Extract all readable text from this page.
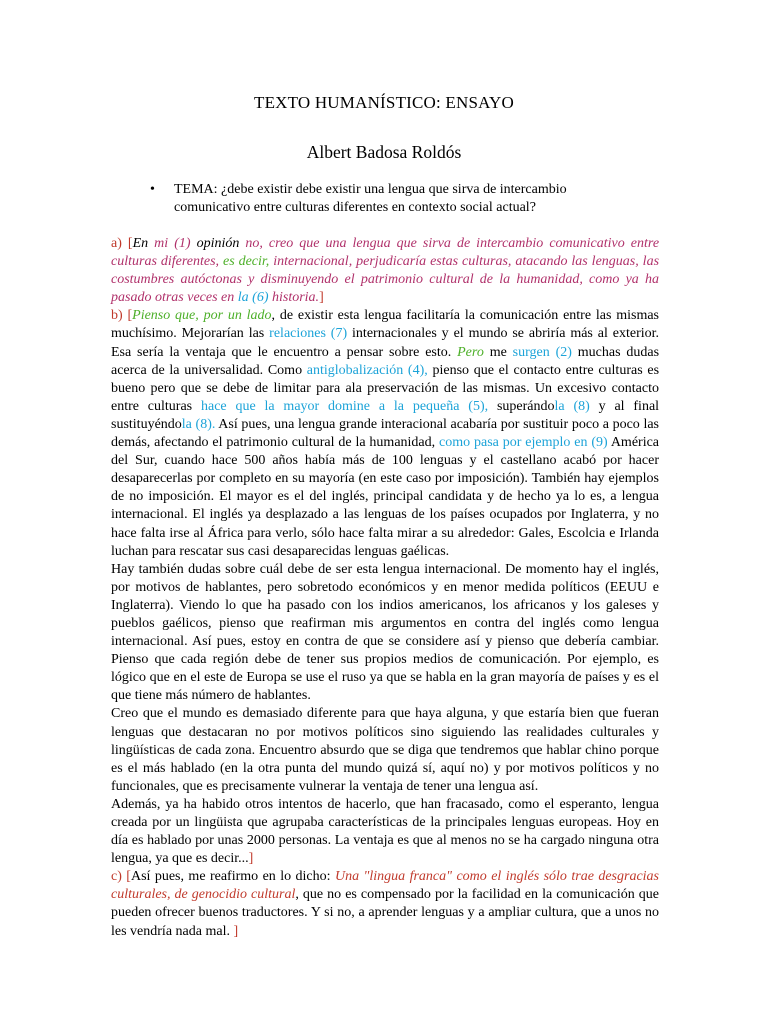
TEXTO HUMANÍSTICO: ENSAYO
Albert Badosa Roldós
• TEMA: ¿debe existir debe existir una lengua que sirva de intercambio
comunicativo entre culturas diferentes en contexto social actual?

a) [En mi (1) opinión no, creo que una lengua que sirva de intercambio comunicativo entre culturas diferentes, es decir, internacional, perjudicaría estas culturas, atacando las lenguas, las costumbres autóctonas y disminuyendo el patrimonio cultural de la humanidad, como ya ha pasado otras veces en la (6) historia.]

b) [Pienso que, por un lado, de existir esta lengua facilitaría la comunicación entre las mismas muchísimo. Mejorarían las relaciones (7) internacionales y el mundo se abriría más al exterior. Esa sería la ventaja que le encuentro a pensar sobre esto. Pero me surgen (2) muchas dudas acerca de la universalidad. Como antiglobalización (4), pienso que el contacto entre culturas es bueno pero que se debe de limitar para ala preservación de las mismas. Un excesivo contacto entre culturas hace que la mayor domine a la pequeña (5), superándola (8) y al final sustituyéndola (8). Así pues, una lengua grande interacional acabaría por sustituir poco a poco las demás, afectando el patrimonio cultural de la humanidad, como pasa por ejemplo en (9) América del Sur, cuando hace 500 años había más de 100 lenguas y el castellano acabó por hacer desaparecerlas por completo en su mayoría (en este caso por imposición). También hay ejemplos de no imposición. El mayor es el del inglés, principal candidata y de hecho ya lo es, a lengua internacional. El inglés ya desplazado a las lenguas de los países ocupados por Inglaterra, y no hace falta irse al África para verlo, sólo hace falta mirar a su alrededor: Gales, Escolcia e Irlanda luchan para rescatar sus casi desaparecidas lenguas gaélicas.

Hay también dudas sobre cuál debe de ser esta lengua internacional. De momento hay el inglés, por motivos de hablantes, pero sobretodo económicos y en menor medida políticos (EEUU e Inglaterra). Viendo lo que ha pasado con los indios americanos, los africanos y los galeses y pueblos gaélicos, pienso que reafirman mis argumentos en contra del inglés como lengua internacional. Así pues, estoy en contra de que se considere así y pienso que debería cambiar. Pienso que cada región debe de tener sus propios medios de comunicación. Por ejemplo, es lógico que en el este de Europa se use el ruso ya que se habla en la gran mayoría de países y es el que tiene más número de hablantes.

Creo que el mundo es demasiado diferente para que haya alguna, y que estaría bien que fueran lenguas que destacaran no por motivos políticos sino siguiendo las realidades culturales y lingüísticas de cada zona. Encuentro absurdo que se diga que tendremos que hablar chino porque es el más hablado (en la otra punta del mundo quizá sí, aquí no) y por motivos políticos y no funcionales, que es precisamente vulnerar la ventaja de tener una lengua así.

Además, ya ha habido otros intentos de hacerlo, que han fracasado, como el esperanto, lengua creada por un lingüista que agrupaba características de la principales lenguas europeas. Hoy en día es hablado por unas 2000 personas. La ventaja es que al menos no se ha cargado ninguna otra lengua, ya que es decir...]

c) [Así pues, me reafirmo en lo dicho: Una "lingua franca" como el inglés sólo trae desgracias culturales, de genocidio cultural, que no es compensado por la facilidad en la comunicación que pueden ofrecer buenos traductores. Y si no, a aprender lenguas y a ampliar cultura, que a unos no les vendría nada mal. ]
